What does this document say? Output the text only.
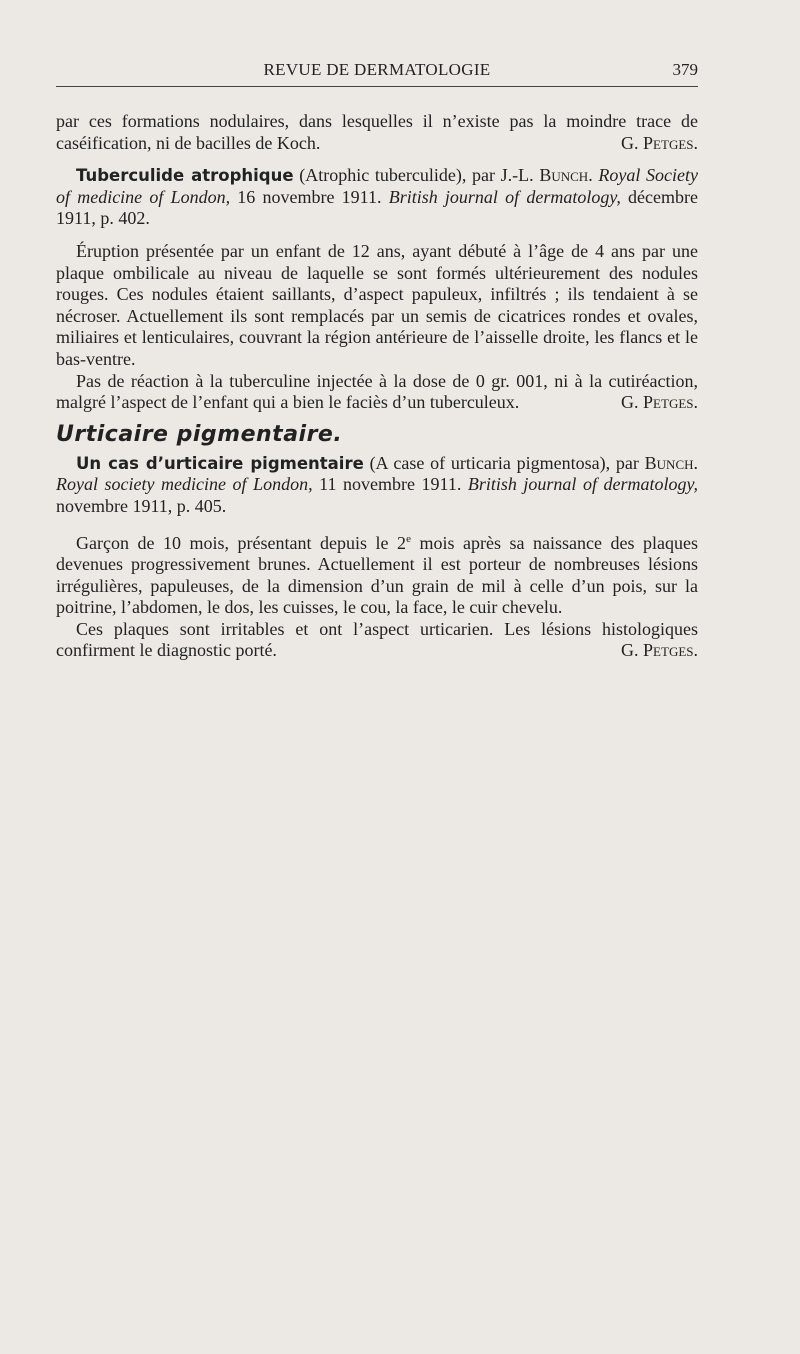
REVUE DE DERMATOLOGIE	379

par ces formations nodulaires, dans lesquelles il n’existe pas la moindre trace de caséification, ni de bacilles de Koch.	G. Petges.

Tuberculide atrophique (Atrophic tuberculide), par J.-L. Bunch. Royal Society of medicine of London, 16 novembre 1911. British journal of dermatology, décembre 1911, p. 402.

Éruption présentée par un enfant de 12 ans, ayant débuté à l’âge de 4 ans par une plaque ombilicale au niveau de laquelle se sont formés ultérieurement des nodules rouges. Ces nodules étaient saillants, d’aspect papuleux, infiltrés ; ils tendaient à se nécroser. Actuellement ils sont remplacés par un semis de cicatrices rondes et ovales, miliaires et lenticulaires, couvrant la région antérieure de l’aisselle droite, les flancs et le bas-ventre.

Pas de réaction à la tuberculine injectée à la dose de 0 gr. 001, ni à la cutiréaction, malgré l’aspect de l’enfant qui a bien le faciès d’un tuberculeux.	G. Petges.

Urticaire pigmentaire.

Un cas d’urticaire pigmentaire (A case of urticaria pigmentosa), par Bunch. Royal society medicine of London, 11 novembre 1911. British journal of dermatology, novembre 1911, p. 405.

Garçon de 10 mois, présentant depuis le 2e mois après sa naissance des plaques devenues progressivement brunes. Actuellement il est porteur de nombreuses lésions irrégulières, papuleuses, de la dimension d’un grain de mil à celle d’un pois, sur la poitrine, l’abdomen, le dos, les cuisses, le cou, la face, le cuir chevelu.

Ces plaques sont irritables et ont l’aspect urticarien. Les lésions histologiques confirment le diagnostic porté.	G. Petges.
